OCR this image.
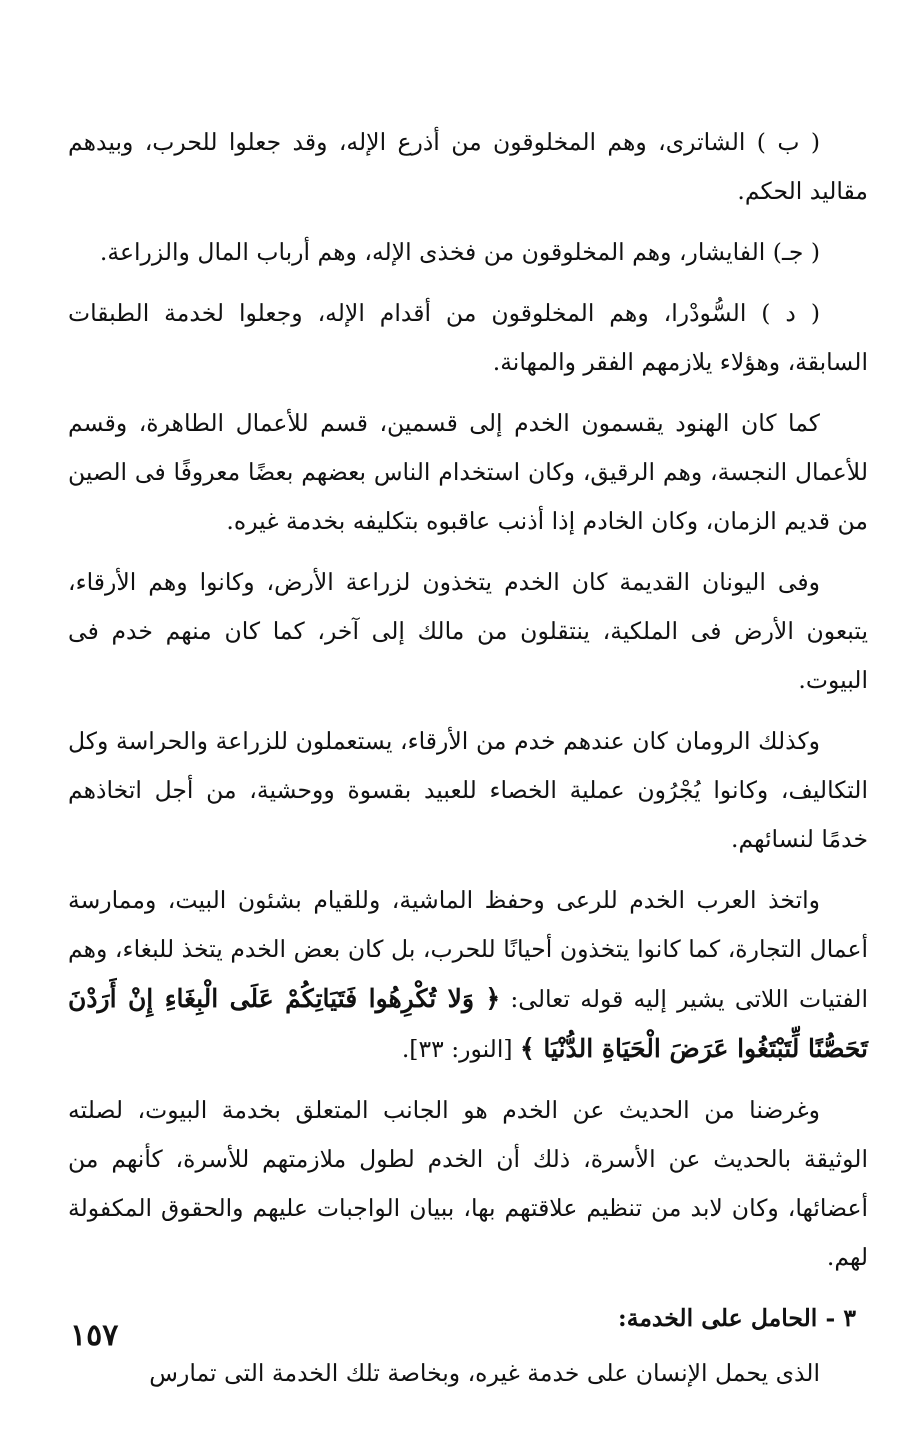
( ب ) الشاترى، وهم المخلوقون من أذرع الإله، وقد جعلوا للحرب، وبيدهم مقاليد الحكم.

( جـ) الفايشار، وهم المخلوقون من فخذى الإله، وهم أرباب المال والزراعة.

( د ) السُّودْرا، وهم المخلوقون من أقدام الإله، وجعلوا لخدمة الطبقات السابقة، وهؤلاء يلازمهم الفقر والمهانة.

كما كان الهنود يقسمون الخدم إلى قسمين، قسم للأعمال الطاهرة، وقسم للأعمال النجسة، وهم الرقيق، وكان استخدام الناس بعضهم بعضًا معروفًا فى الصين من قديم الزمان، وكان الخادم إذا أذنب عاقبوه بتكليفه بخدمة غيره.

وفى اليونان القديمة كان الخدم يتخذون لزراعة الأرض، وكانوا وهم الأرقاء، يتبعون الأرض فى الملكية، ينتقلون من مالك إلى آخر، كما كان منهم خدم فى البيوت.

وكذلك الرومان كان عندهم خدم من الأرقاء، يستعملون للزراعة والحراسة وكل التكاليف، وكانوا يُجْرُون عملية الخصاء للعبيد بقسوة ووحشية، من أجل اتخاذهم خدمًا لنسائهم.

واتخذ العرب الخدم للرعى وحفظ الماشية، وللقيام بشئون البيت، وممارسة أعمال التجارة، كما كانوا يتخذون أحيانًا للحرب، بل كان بعض الخدم يتخذ للبغاء، وهم الفتيات اللاتى يشير إليه قوله تعالى: ﴿ وَلا تُكْرِهُوا فَتَيَاتِكُمْ عَلَى الْبِغَاءِ إِنْ أَرَدْنَ تَحَصُّنًا لِّتَبْتَغُوا عَرَضَ الْحَيَاةِ الدُّنْيَا ﴾ [النور: ٣٣].

وغرضنا من الحديث عن الخدم هو الجانب المتعلق بخدمة البيوت، لصلته الوثيقة بالحديث عن الأسرة، ذلك أن الخدم لطول ملازمتهم للأسرة، كأنهم من أعضائها، وكان لابد من تنظيم علاقتهم بها، ببيان الواجبات عليهم والحقوق المكفولة لهم.

٣ - الحامل على الخدمة:

الذى يحمل الإنسان على خدمة غيره، وبخاصة تلك الخدمة التى تمارس

١٥٧
